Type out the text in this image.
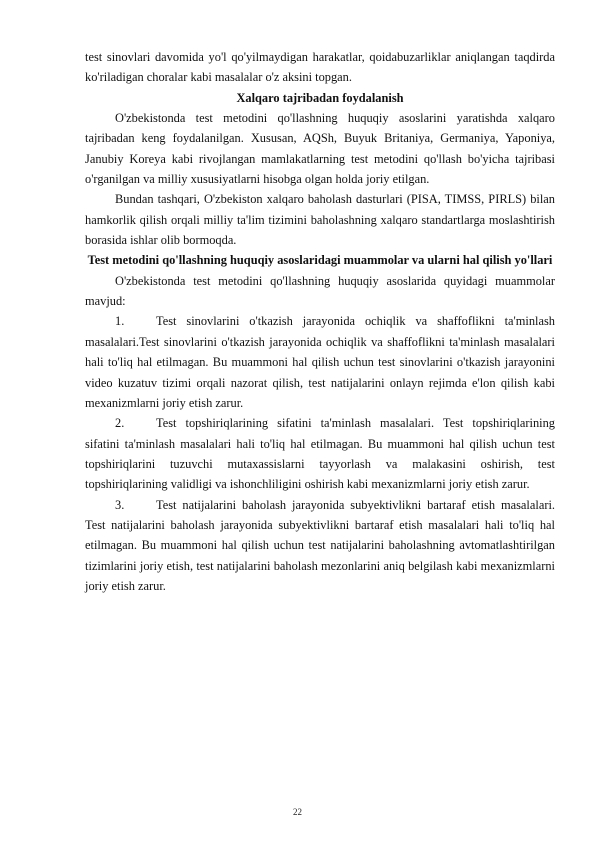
test sinovlari davomida yo'l qo'yilmaydigan harakatlar, qoidabuzarliklar aniqlangan taqdirda ko'riladigan choralar kabi masalalar o'z aksini topgan.

Xalqaro tajribadan foydalanish

O'zbekistonda test metodini qo'llashning huquqiy asoslarini yaratishda xalqaro tajribadan keng foydalanilgan. Xususan, AQSh, Buyuk Britaniya, Germaniya, Yaponiya, Janubiy Koreya kabi rivojlangan mamlakatlarning test metodini qo'llash bo'yicha tajribasi o'rganilgan va milliy xususiyatlarni hisobga olgan holda joriy etilgan.

Bundan tashqari, O'zbekiston xalqaro baholash dasturlari (PISA, TIMSS, PIRLS) bilan hamkorlik qilish orqali milliy ta'lim tizimini baholashning xalqaro standartlarga moslashtirish borasida ishlar olib bormoqda.

Test metodini qo'llashning huquqiy asoslaridagi muammolar va ularni hal qilish yo'llari

O'zbekistonda test metodini qo'llashning huquqiy asoslarida quyidagi muammolar mavjud:

1.	Test sinovlarini o'tkazish jarayonida ochiqlik va shaffoflikni ta'minlash masalalari.Test sinovlarini o'tkazish jarayonida ochiqlik va shaffoflikni ta'minlash masalalari hali to'liq hal etilmagan. Bu muammoni hal qilish uchun test sinovlarini o'tkazish jarayonini video kuzatuv tizimi orqali nazorat qilish, test natijalarini onlayn rejimda e'lon qilish kabi mexanizmlarni joriy etish zarur.

2.	Test topshiriqlarining sifatini ta'minlash masalalari. Test topshiriqlarining sifatini ta'minlash masalalari hali to'liq hal etilmagan. Bu muammoni hal qilish uchun test topshiriqlarini tuzuvchi mutaxassislarni tayyorlash va malakasini oshirish, test topshiriqlarining validligi va ishonchliligini oshirish kabi mexanizmlarni joriy etish zarur.

3.	Test natijalarini baholash jarayonida subyektivlikni bartaraf etish masalalari. Test natijalarini baholash jarayonida subyektivlikni bartaraf etish masalalari hali to'liq hal etilmagan. Bu muammoni hal qilish uchun test natijalarini baholashning avtomatlashtirilgan tizimlarini joriy etish, test natijalarini baholash mezonlarini aniq belgilash kabi mexanizmlarni joriy etish zarur.

22
